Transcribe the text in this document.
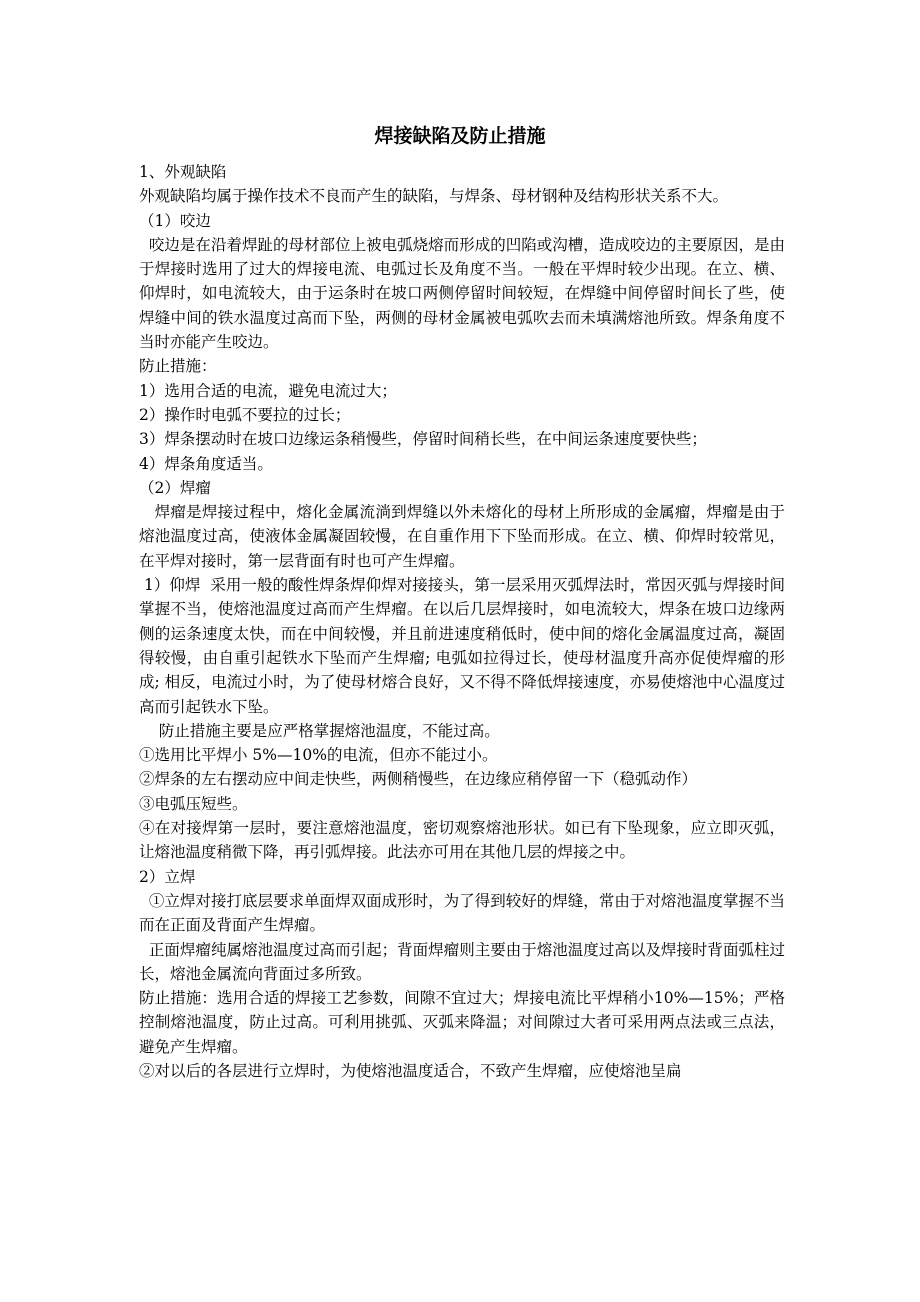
焊接缺陷及防止措施

1、外观缺陷

外观缺陷均属于操作技术不良而产生的缺陷，与焊条、母材钢种及结构形状关系不大。

（1）咬边

咬边是在沿着焊趾的母材部位上被电弧烧熔而形成的凹陷或沟槽，造成咬边的主要原因，是由于焊接时选用了过大的焊接电流、电弧过长及角度不当。一般在平焊时较少出现。在立、横、仰焊时，如电流较大，由于运条时在坡口两侧停留时间较短，在焊缝中间停留时间长了些，使焊缝中间的铁水温度过高而下坠，两侧的母材金属被电弧吹去而未填满熔池所致。焊条角度不当时亦能产生咬边。

防止措施：

1）选用合适的电流，避免电流过大；

2）操作时电弧不要拉的过长；

3）焊条摆动时在坡口边缘运条稍慢些，停留时间稍长些，在中间运条速度要快些；

4）焊条角度适当。

（2）焊瘤

焊瘤是焊接过程中，熔化金属流淌到焊缝以外未熔化的母材上所形成的金属瘤，焊瘤是由于熔池温度过高，使液体金属凝固较慢，在自重作用下下坠而形成。在立、横、仰焊时较常见，在平焊对接时，第一层背面有时也可产生焊瘤。

1）仰焊  采用一般的酸性焊条焊仰焊对接接头，第一层采用灭弧焊法时，常因灭弧与焊接时间掌握不当，使熔池温度过高而产生焊瘤。在以后几层焊接时，如电流较大，焊条在坡口边缘两侧的运条速度太快，而在中间较慢，并且前进速度稍低时，使中间的熔化金属温度过高，凝固得较慢，由自重引起铁水下坠而产生焊瘤; 电弧如拉得过长，使母材温度升高亦促使焊瘤的形成; 相反，电流过小时，为了使母材熔合良好，又不得不降低焊接速度，亦易使熔池中心温度过高而引起铁水下坠。

防止措施主要是应严格掌握熔池温度，不能过高。

①选用比平焊小 5%—10%的电流，但亦不能过小。

②焊条的左右摆动应中间走快些，两侧稍慢些，在边缘应稍停留一下（稳弧动作）

③电弧压短些。

④在对接焊第一层时，要注意熔池温度，密切观察熔池形状。如已有下坠现象，应立即灭弧，让熔池温度稍微下降，再引弧焊接。此法亦可用在其他几层的焊接之中。

2）立焊

①立焊对接打底层要求单面焊双面成形时，为了得到较好的焊缝，常由于对熔池温度掌握不当而在正面及背面产生焊瘤。

正面焊瘤纯属熔池温度过高而引起；背面焊瘤则主要由于熔池温度过高以及焊接时背面弧柱过长，熔池金属流向背面过多所致。

防止措施：选用合适的焊接工艺参数，间隙不宜过大；焊接电流比平焊稍小10%—15%；严格控制熔池温度，防止过高。可利用挑弧、灭弧来降温；对间隙过大者可采用两点法或三点法，避免产生焊瘤。

②对以后的各层进行立焊时，为使熔池温度适合，不致产生焊瘤，应使熔池呈扁
